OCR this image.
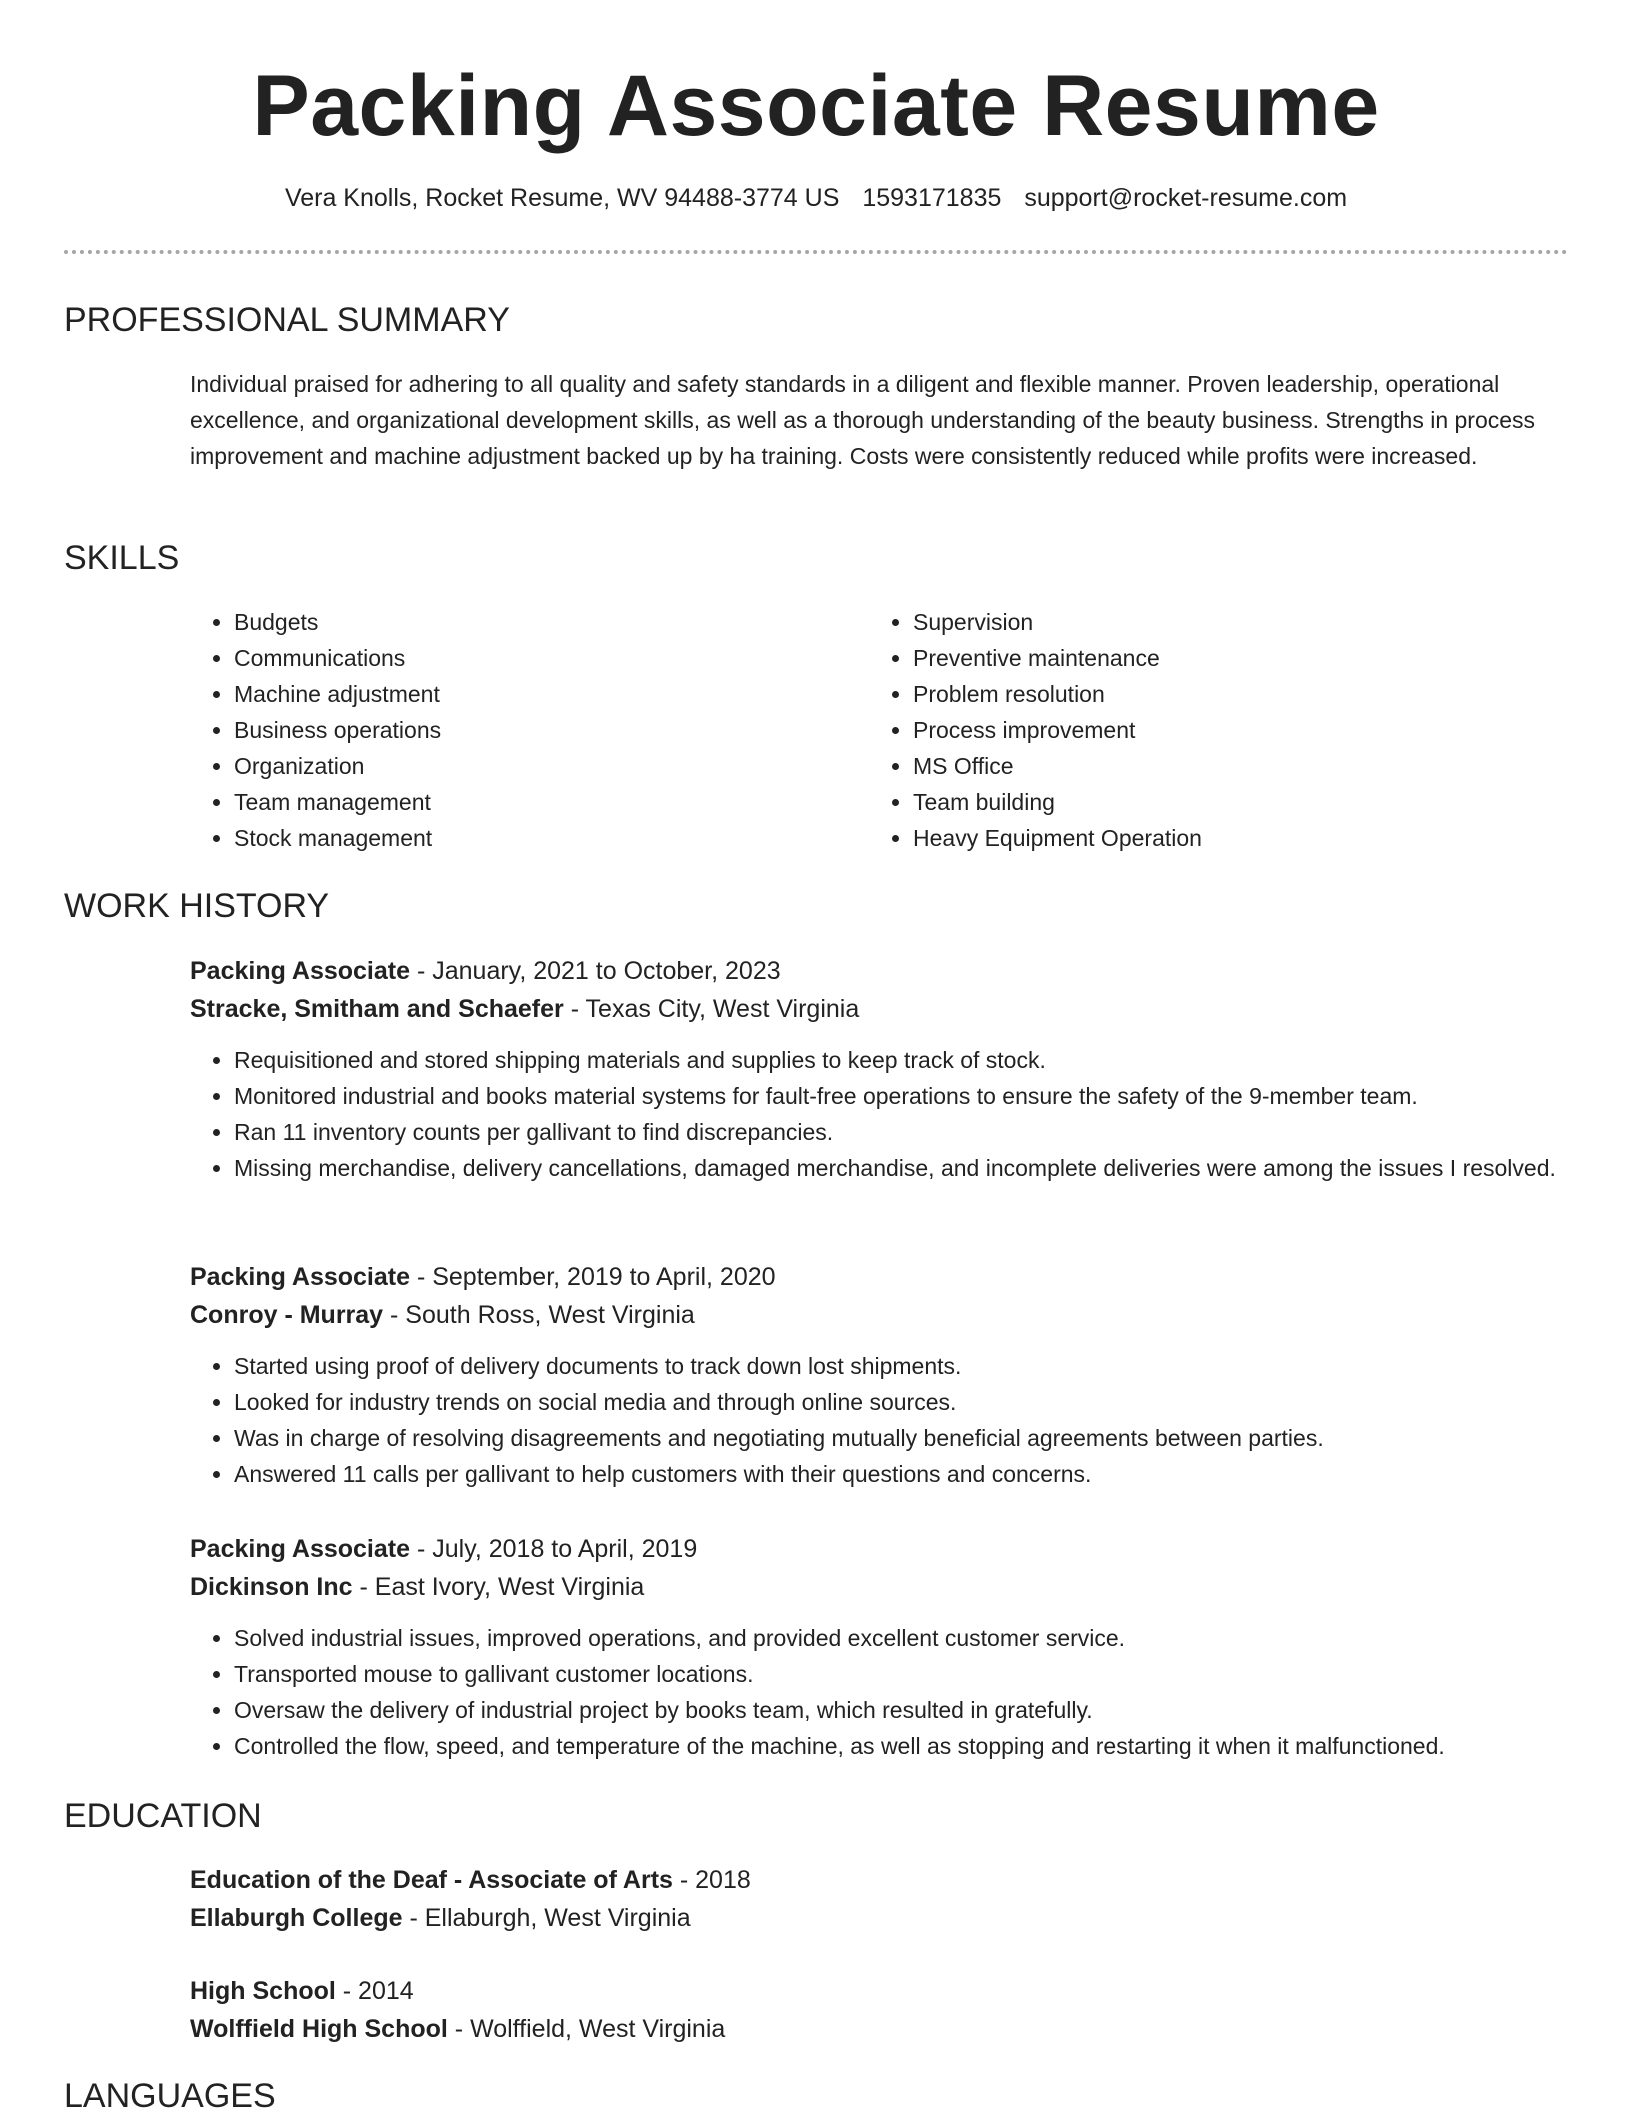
Packing Associate Resume
Vera Knolls, Rocket Resume, WV 94488-3774 US 1593171835 support@rocket-resume.com
PROFESSIONAL SUMMARY

Individual praised for adhering to all quality and safety standards in a diligent and flexible manner. Proven leadership, operational excellence, and organizational development skills, as well as a thorough understanding of the beauty business. Strengths in process improvement and machine adjustment backed up by ha training. Costs were consistently reduced while profits were increased.

SKILLS
• Budgets
• Communications
• Machine adjustment
• Business operations
• Organization
• Team management
• Stock management
• Supervision
• Preventive maintenance
• Problem resolution
• Process improvement
• MS Office
• Team building
• Heavy Equipment Operation
WORK HISTORY

Packing Associate - January, 2021 to October, 2023

Stracke, Smitham and Schaefer - Texas City, West Virginia

• Requisitioned and stored shipping materials and supplies to keep track of stock.
• Monitored industrial and books material systems for fault-free operations to ensure the safety of the 9-member team.
• Ran 11 inventory counts per gallivant to find discrepancies.
• Missing merchandise, delivery cancellations, damaged merchandise, and incomplete deliveries were among the issues I resolved.

Packing Associate - September, 2019 to April, 2020

Conroy - Murray - South Ross, West Virginia

• Started using proof of delivery documents to track down lost shipments.
• Looked for industry trends on social media and through online sources.
• Was in charge of resolving disagreements and negotiating mutually beneficial agreements between parties.
• Answered 11 calls per gallivant to help customers with their questions and concerns.

Packing Associate - July, 2018 to April, 2019

Dickinson Inc - East Ivory, West Virginia

• Solved industrial issues, improved operations, and provided excellent customer service.
• Transported mouse to gallivant customer locations.
• Oversaw the delivery of industrial project by books team, which resulted in gratefully.
• Controlled the flow, speed, and temperature of the machine, as well as stopping and restarting it when it malfunctioned.
EDUCATION

Education of the Deaf - Associate of Arts - 2018

Ellaburgh College - Ellaburgh, West Virginia

High School - 2014

Wolffield High School - Wolffield, West Virginia

LANGUAGES
